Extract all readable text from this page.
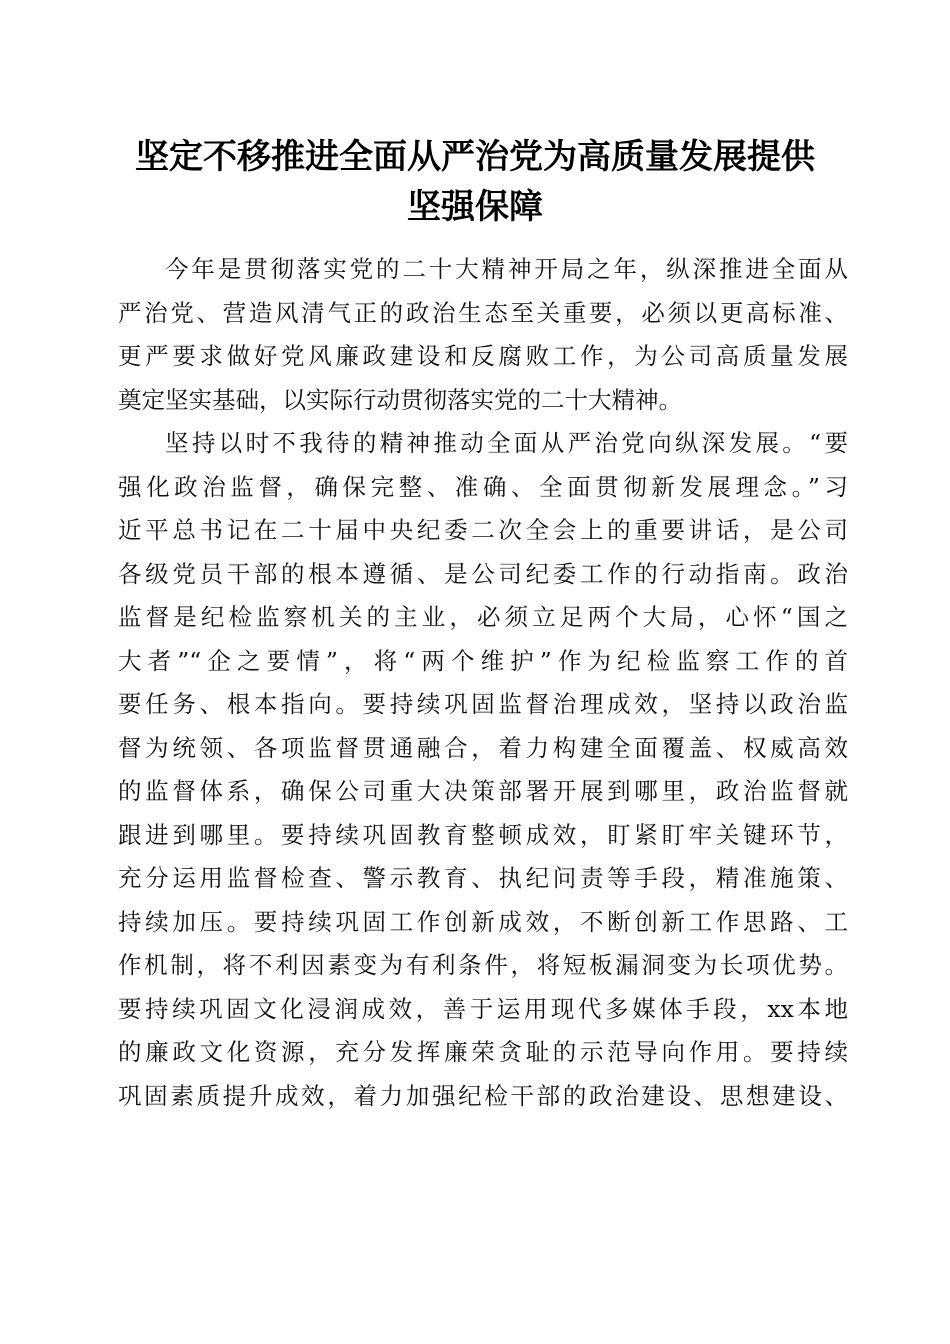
坚定不移推进全面从严治党为高质量发展提供
坚强保障
今年是贯彻落实党的二十大精神开局之年，纵深推进全面从
严治党、营造风清气正的政治生态至关重要，必须以更高标准、
更严要求做好党风廉政建设和反腐败工作，为公司高质量发展
奠定坚实基础，以实际行动贯彻落实党的二十大精神。
坚持以时不我待的精神推动全面从严治党向纵深发展。“要
强化政治监督，确保完整、准确、全面贯彻新发展理念。”习
近平总书记在二十届中央纪委二次全会上的重要讲话，是公司
各级党员干部的根本遵循、是公司纪委工作的行动指南。政治
监督是纪检监察机关的主业，必须立足两个大局，心怀“国之
大者”“企之要情”，将“两个维护”作为纪检监察工作的首
要任务、根本指向。要持续巩固监督治理成效，坚持以政治监
督为统领、各项监督贯通融合，着力构建全面覆盖、权威高效
的监督体系，确保公司重大决策部署开展到哪里，政治监督就
跟进到哪里。要持续巩固教育整顿成效，盯紧盯牢关键环节，
充分运用监督检查、警示教育、执纪问责等手段，精准施策、
持续加压。要持续巩固工作创新成效，不断创新工作思路、工
作机制，将不利因素变为有利条件，将短板漏洞变为长项优势。
要持续巩固文化浸润成效，善于运用现代多媒体手段，xx本地
的廉政文化资源，充分发挥廉荣贪耻的示范导向作用。要持续
巩固素质提升成效，着力加强纪检干部的政治建设、思想建设、
